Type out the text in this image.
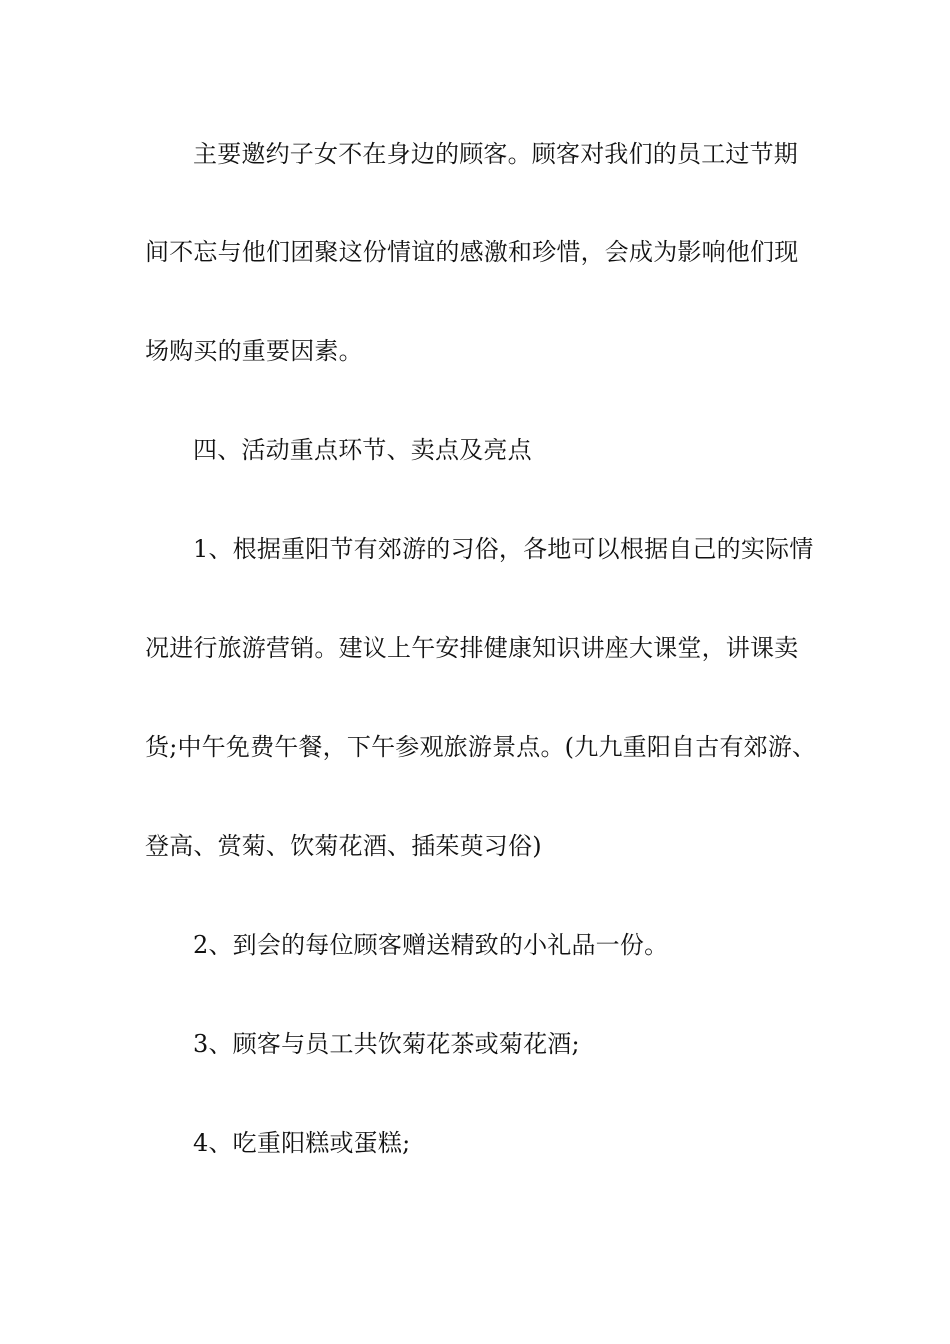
主要邀约子女不在身边的顾客。顾客对我们的员工过节期
间不忘与他们团聚这份情谊的感激和珍惜，会成为影响他们现
场购买的重要因素。
四、活动重点环节、卖点及亮点
1、根据重阳节有郊游的习俗，各地可以根据自己的实际情
况进行旅游营销。建议上午安排健康知识讲座大课堂，讲课卖
货;中午免费午餐，下午参观旅游景点。(九九重阳自古有郊游、
登高、赏菊、饮菊花酒、插茱萸习俗)
2、到会的每位顾客赠送精致的小礼品一份。
3、顾客与员工共饮菊花茶或菊花酒;
4、吃重阳糕或蛋糕;
